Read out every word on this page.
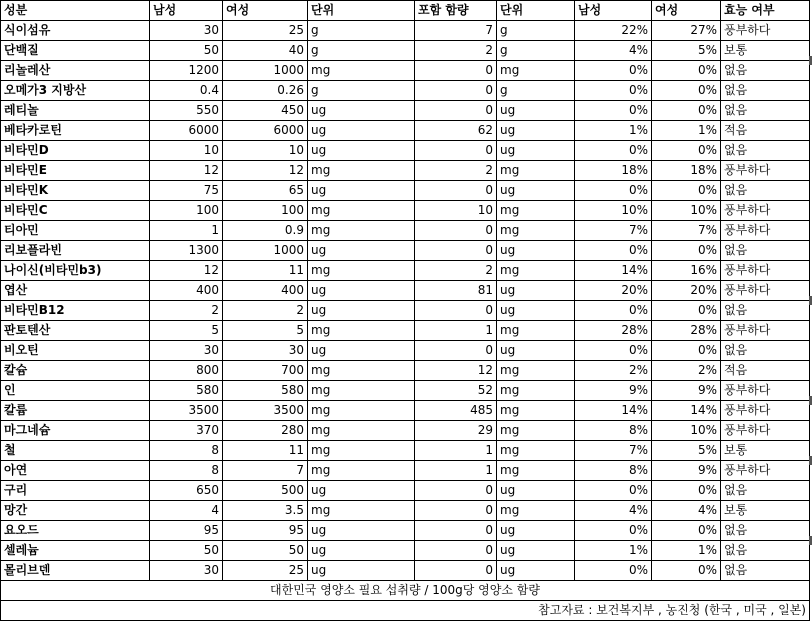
성분	남성	여성	단위	포함 함량	단위	남성	여성	효능 여부
식이섬유	30	25	g	7	g	22%	27%	풍부하다
단백질	50	40	g	2	g	4%	5%	보통
리놀레산	1200	1000	mg	0	mg	0%	0%	없음
오메가3 지방산	0.4	0.26	g	0	g	0%	0%	없음
레티놀	550	450	ug	0	ug	0%	0%	없음
베타카로틴	6000	6000	ug	62	ug	1%	1%	적음
비타민D	10	10	ug	0	ug	0%	0%	없음
비타민E	12	12	mg	2	mg	18%	18%	풍부하다
비타민K	75	65	ug	0	ug	0%	0%	없음
비타민C	100	100	mg	10	mg	10%	10%	풍부하다
티아민	1	0.9	mg	0	mg	7%	7%	풍부하다
리보플라빈	1300	1000	ug	0	ug	0%	0%	없음
나이신(비타민b3)	12	11	mg	2	mg	14%	16%	풍부하다
엽산	400	400	ug	81	ug	20%	20%	풍부하다
비타민B12	2	2	ug	0	ug	0%	0%	없음
판토텐산	5	5	mg	1	mg	28%	28%	풍부하다
비오틴	30	30	ug	0	ug	0%	0%	없음
칼슘	800	700	mg	12	mg	2%	2%	적음
인	580	580	mg	52	mg	9%	9%	풍부하다
칼륨	3500	3500	mg	485	mg	14%	14%	풍부하다
마그네슘	370	280	mg	29	mg	8%	10%	풍부하다
철	8	11	mg	1	mg	7%	5%	보통
아연	8	7	mg	1	mg	8%	9%	풍부하다
구리	650	500	ug	0	ug	0%	0%	없음
망간	4	3.5	mg	0	mg	4%	4%	보통
요오드	95	95	ug	0	ug	0%	0%	없음
셀레늄	50	50	ug	0	ug	1%	1%	없음
몰리브덴	30	25	ug	0	ug	0%	0%	없음
대한민국 영양소 필요 섭취량 / 100g당 영양소 함량								
참고자료 : 보건복지부 , 농진청 (한국 , 미국 , 일본)								
